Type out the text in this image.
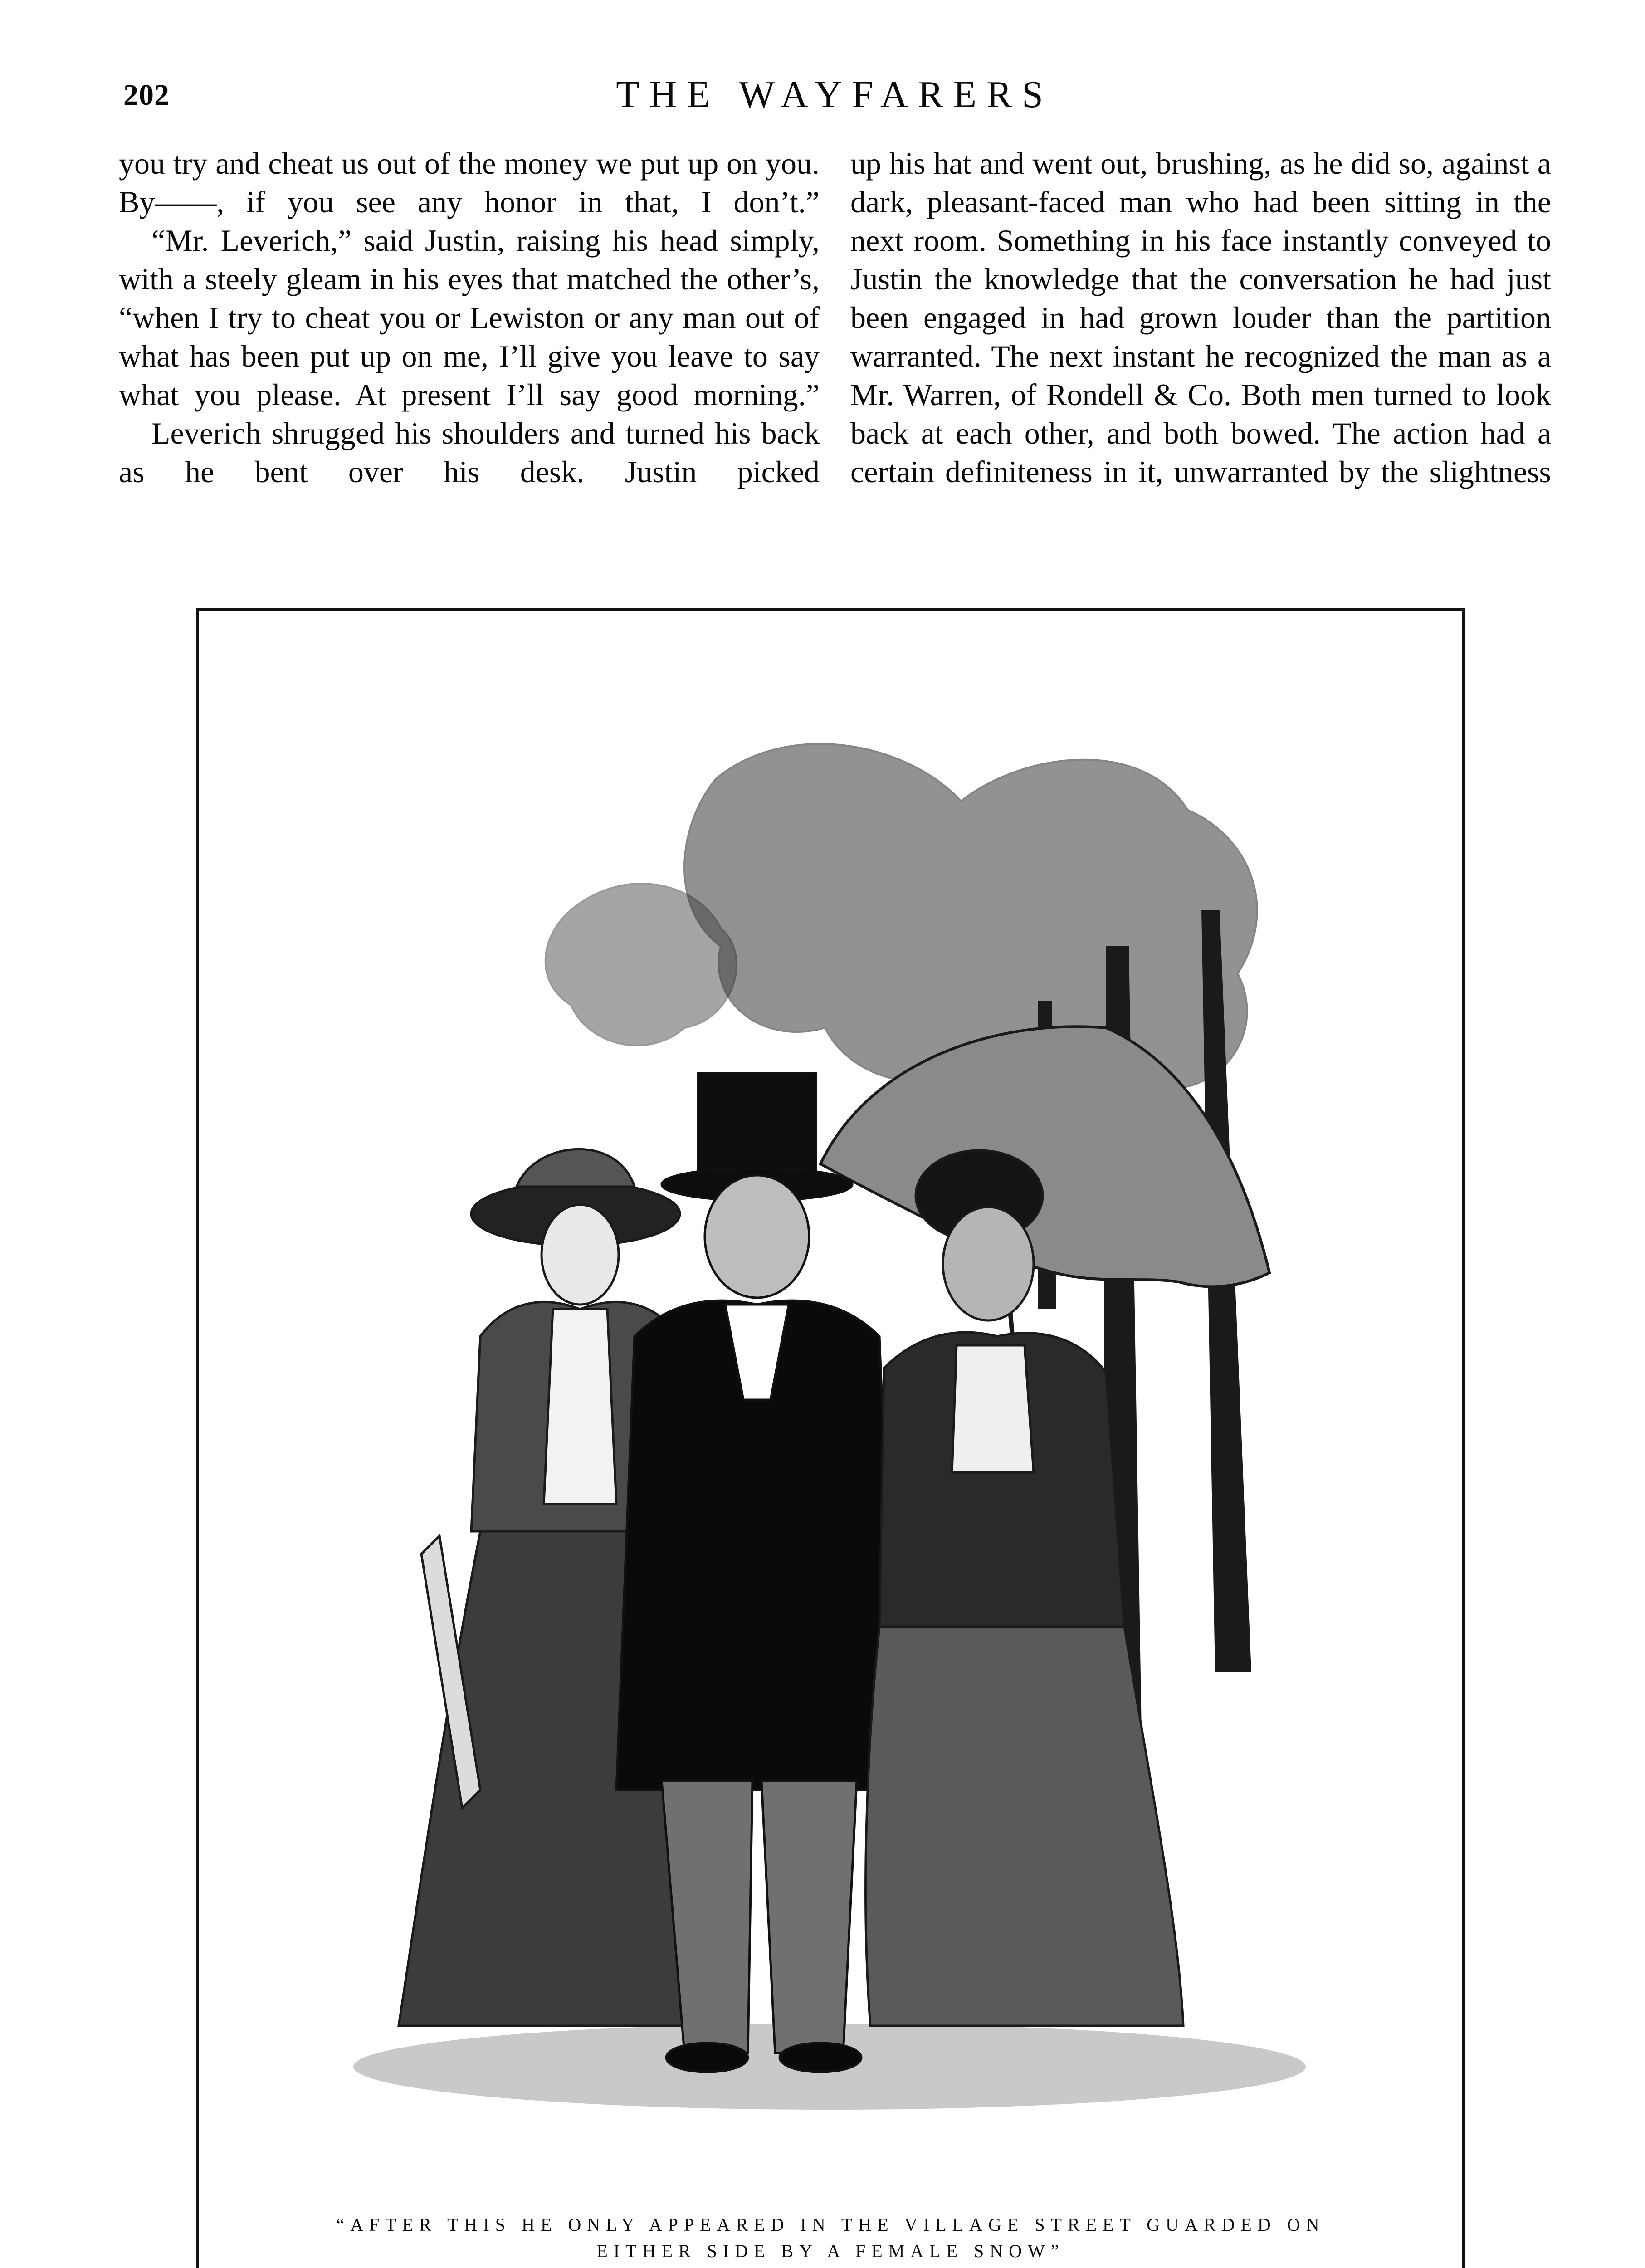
202	THE WAYFARERS

you try and cheat us out of the money we put up on you. By——, if you see any honor in that, I don’t.”

“Mr. Leverich,” said Justin, raising his head simply, with a steely gleam in his eyes that matched the other’s, “when I try to cheat you or Lewiston or any man out of what has been put up on me, I’ll give you leave to say what you please. At present I’ll say good morning.”

Leverich shrugged his shoulders and turned his back as he bent over his desk. Justin picked

up his hat and went out, brushing, as he did so, against a dark, pleasant-faced man who had been sitting in the next room. Something in his face instantly conveyed to Justin the knowledge that the conversation he had just been engaged in had grown louder than the partition warranted. The next instant he recognized the man as a Mr. Warren, of Rondell & Co. Both men turned to look back at each other, and both bowed. The action had a certain definiteness in it, unwarranted by the slightness

“AFTER THIS HE ONLY APPEARED IN THE VILLAGE STREET GUARDED ON
EITHER SIDE BY A FEMALE SNOW”
